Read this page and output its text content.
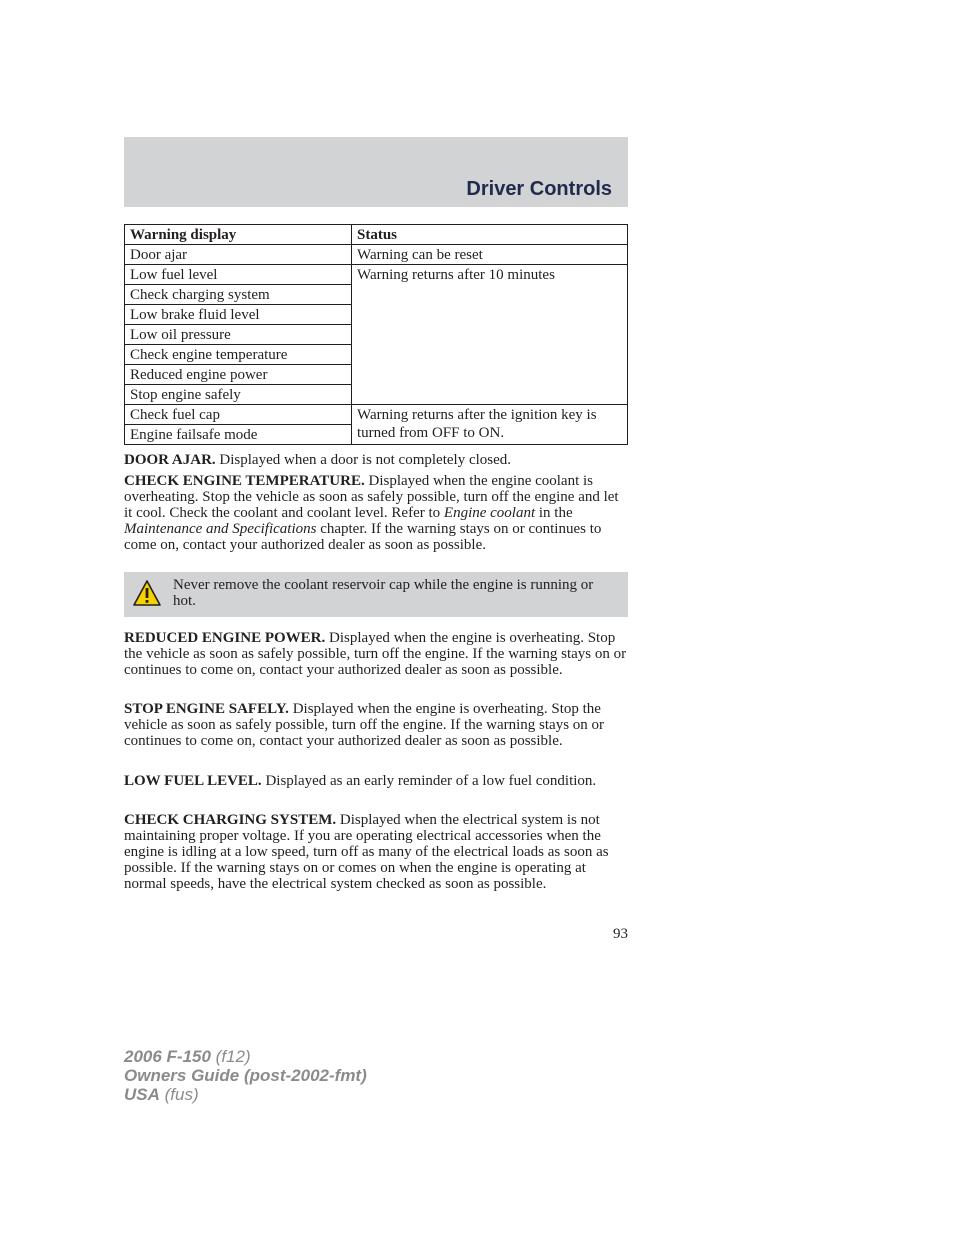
Driver Controls
Warning display	Status
Door ajar	Warning can be reset
Low fuel level	Warning returns after 10 minutes
Check charging system	
Low brake fluid level	
Low oil pressure	
Check engine temperature	
Reduced engine power	
Stop engine safely	
Check fuel cap	Warning returns after the ignition key is turned from OFF to ON.
Engine failsafe mode	

DOOR AJAR. Displayed when a door is not completely closed.

CHECK ENGINE TEMPERATURE. Displayed when the engine coolant is overheating. Stop the vehicle as soon as safely possible, turn off the engine and let it cool. Check the coolant and coolant level. Refer to Engine coolant in the Maintenance and Specifications chapter. If the warning stays on or continues to come on, contact your authorized dealer as soon as possible.

Never remove the coolant reservoir cap while the engine is running or hot.

REDUCED ENGINE POWER. Displayed when the engine is overheating. Stop the vehicle as soon as safely possible, turn off the engine. If the warning stays on or continues to come on, contact your authorized dealer as soon as possible.

STOP ENGINE SAFELY. Displayed when the engine is overheating. Stop the vehicle as soon as safely possible, turn off the engine. If the warning stays on or continues to come on, contact your authorized dealer as soon as possible.

LOW FUEL LEVEL. Displayed as an early reminder of a low fuel condition.

CHECK CHARGING SYSTEM. Displayed when the electrical system is not maintaining proper voltage. If you are operating electrical accessories when the engine is idling at a low speed, turn off as many of the electrical loads as soon as possible. If the warning stays on or comes on when the engine is operating at normal speeds, have the electrical system checked as soon as possible.

93
2006 F-150 (f12)
Owners Guide (post-2002-fmt)
USA (fus)
